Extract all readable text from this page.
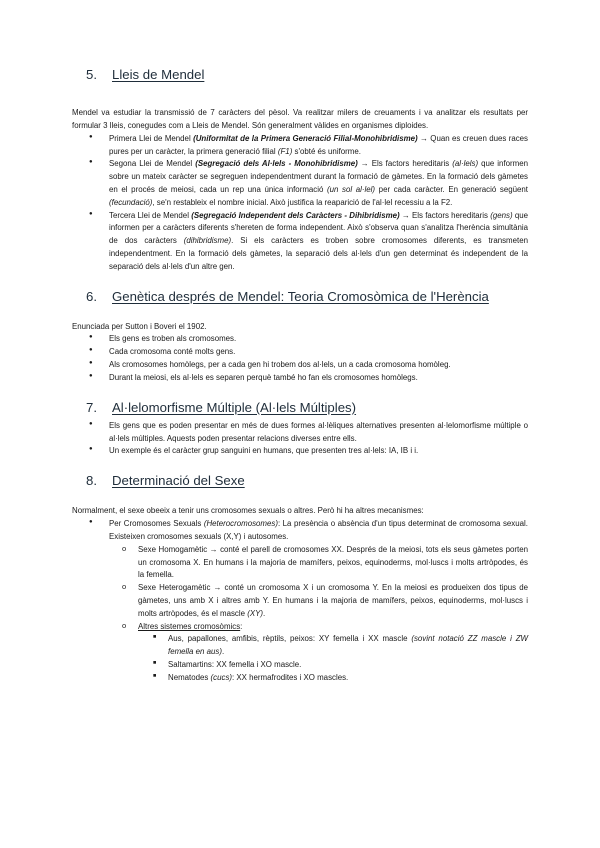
5.	Lleis de Mendel

Mendel va estudiar la transmissió de 7 caràcters del pèsol. Va realitzar milers de creuaments i va analitzar els resultats per formular 3 lleis, conegudes com a Lleis de Mendel. Són generalment vàlides en organismes diploides.

● Primera Llei de Mendel (Uniformitat de la Primera Generació Filial-Monohibridisme) → Quan es creuen dues races pures per un caràcter, la primera generació filial (F1) s'obté és uniforme.
● Segona Llei de Mendel (Segregació dels Al·lels - Monohibridisme) → Els factors hereditaris (al·lels) que informen sobre un mateix caràcter se segreguen independentment durant la formació de gàmetes. En la formació dels gàmetes en el procés de meiosi, cada un rep una única informació (un sol al·lel) per cada caràcter. En generació següent (fecundació), se'n restableix el nombre inicial. Això justifica la reaparició de l'al·lel recessiu a la F2.
● Tercera Llei de Mendel (Segregació Independent dels Caràcters - Dihibridisme) → Els factors hereditaris (gens) que informen per a caràcters diferents s'hereten de forma independent. Això s'observa quan s'analitza l'herència simultània de dos caràcters (dihibridisme). Si els caràcters es troben sobre cromosomes diferents, es transmeten independentment. En la formació dels gàmetes, la separació dels al·lels d'un gen determinat és independent de la separació dels al·lels d'un altre gen.
6.	Genètica després de Mendel: Teoria Cromosòmica de l'Herència

Enunciada per Sutton i Boveri el 1902.

● Els gens es troben als cromosomes.
● Cada cromosoma conté molts gens.
● Als cromosomes homòlegs, per a cada gen hi trobem dos al·lels, un a cada cromosoma homòleg.
● Durant la meiosi, els al·lels es separen perquè també ho fan els cromosomes homòlegs.
7.	Al·lelomorfisme Múltiple (Al·lels Múltiples)
● Els gens que es poden presentar en més de dues formes al·lèliques alternatives presenten al·lelomorfisme múltiple o al·lels múltiples. Aquests poden presentar relacions diverses entre ells.
● Un exemple és el caràcter grup sanguini en humans, que presenten tres al·lels: IA, IB i i.
8.	Determinació del Sexe

Normalment, el sexe obeeix a tenir uns cromosomes sexuals o altres. Però hi ha altres mecanismes:

● Per Cromosomes Sexuals (Heterocromosomes): La presència o absència d'un tipus determinat de cromosoma sexual. Existeixen cromosomes sexuals (X,Y) i autosomes.
o Sexe Homogamètic → conté el parell de cromosomes XX. Després de la meiosi, tots els seus gàmetes porten un cromosoma X. En humans i la majoria de mamífers, peixos, equinoderms, mol·luscs i molts artròpodes, és la femella.
o Sexe Heterogamètic → conté un cromosoma X i un cromosoma Y. En la meiosi es produeixen dos tipus de gàmetes, uns amb X i altres amb Y. En humans i la majoria de mamífers, peixos, equinoderms, mol·luscs i molts artròpodes, és el mascle (XY).
o Altres sistemes cromosòmics:
■ Aus, papallones, amfibis, rèptils, peixos: XY femella i XX mascle (sovint notació ZZ mascle i ZW femella en aus).
■ Saltamartins: XX femella i XO mascle.
■ Nematodes (cucs): XX hermafrodites i XO mascles.
